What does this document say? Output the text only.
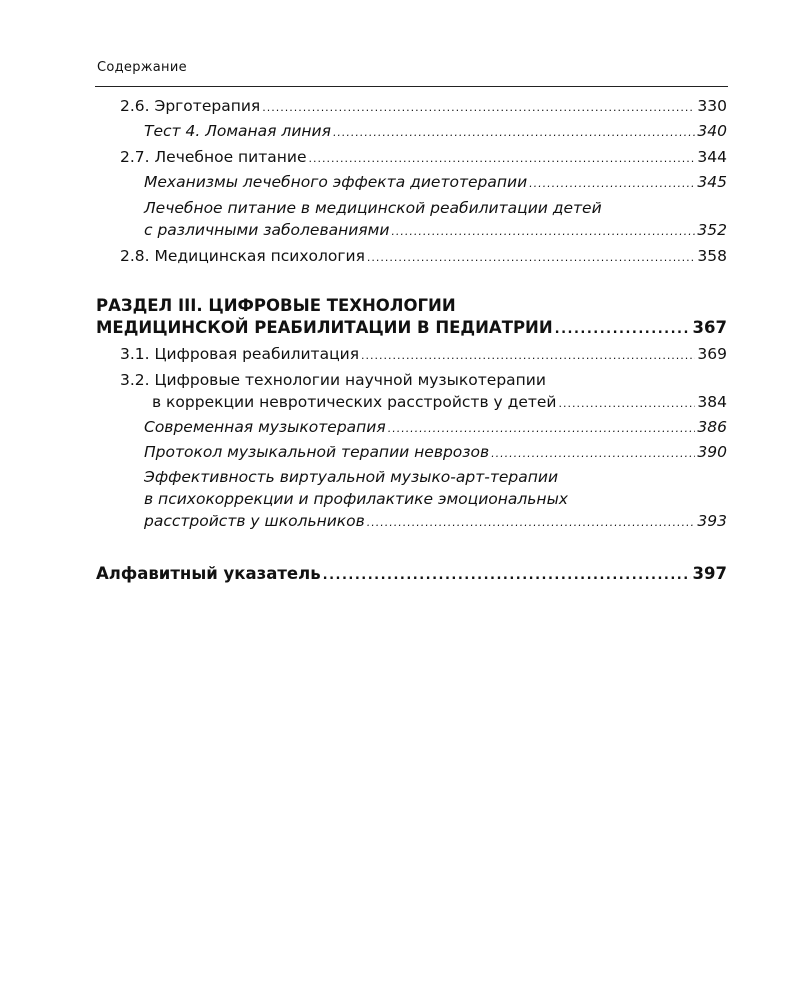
Содержание
2.6. Эрготерапия .....	330
Тест 4. Ломаная линия .....	340
2.7. Лечебное питание .....	344
Механизмы лечебного эффекта диетотерапии .....	345
Лечебное питание в медицинской реабилитации детей
с различными заболеваниями .....	352
2.8. Медицинская психология .....	358
РАЗДЕЛ III. ЦИФРОВЫЕ ТЕХНОЛОГИИ
МЕДИЦИНСКОЙ РЕАБИЛИТАЦИИ В ПЕДИАТРИИ .....	367
3.1. Цифровая реабилитация .....	369
3.2. Цифровые технологии научной музыкотерапии
в коррекции невротических расстройств у детей .....	384
Современная музыкотерапия .....	386
Протокол музыкальной терапии неврозов .....	390
Эффективность виртуальной музыко-арт-терапии
в психокоррекции и профилактике эмоциональных
расстройств у школьников .....	393
Алфавитный указатель .....	397
